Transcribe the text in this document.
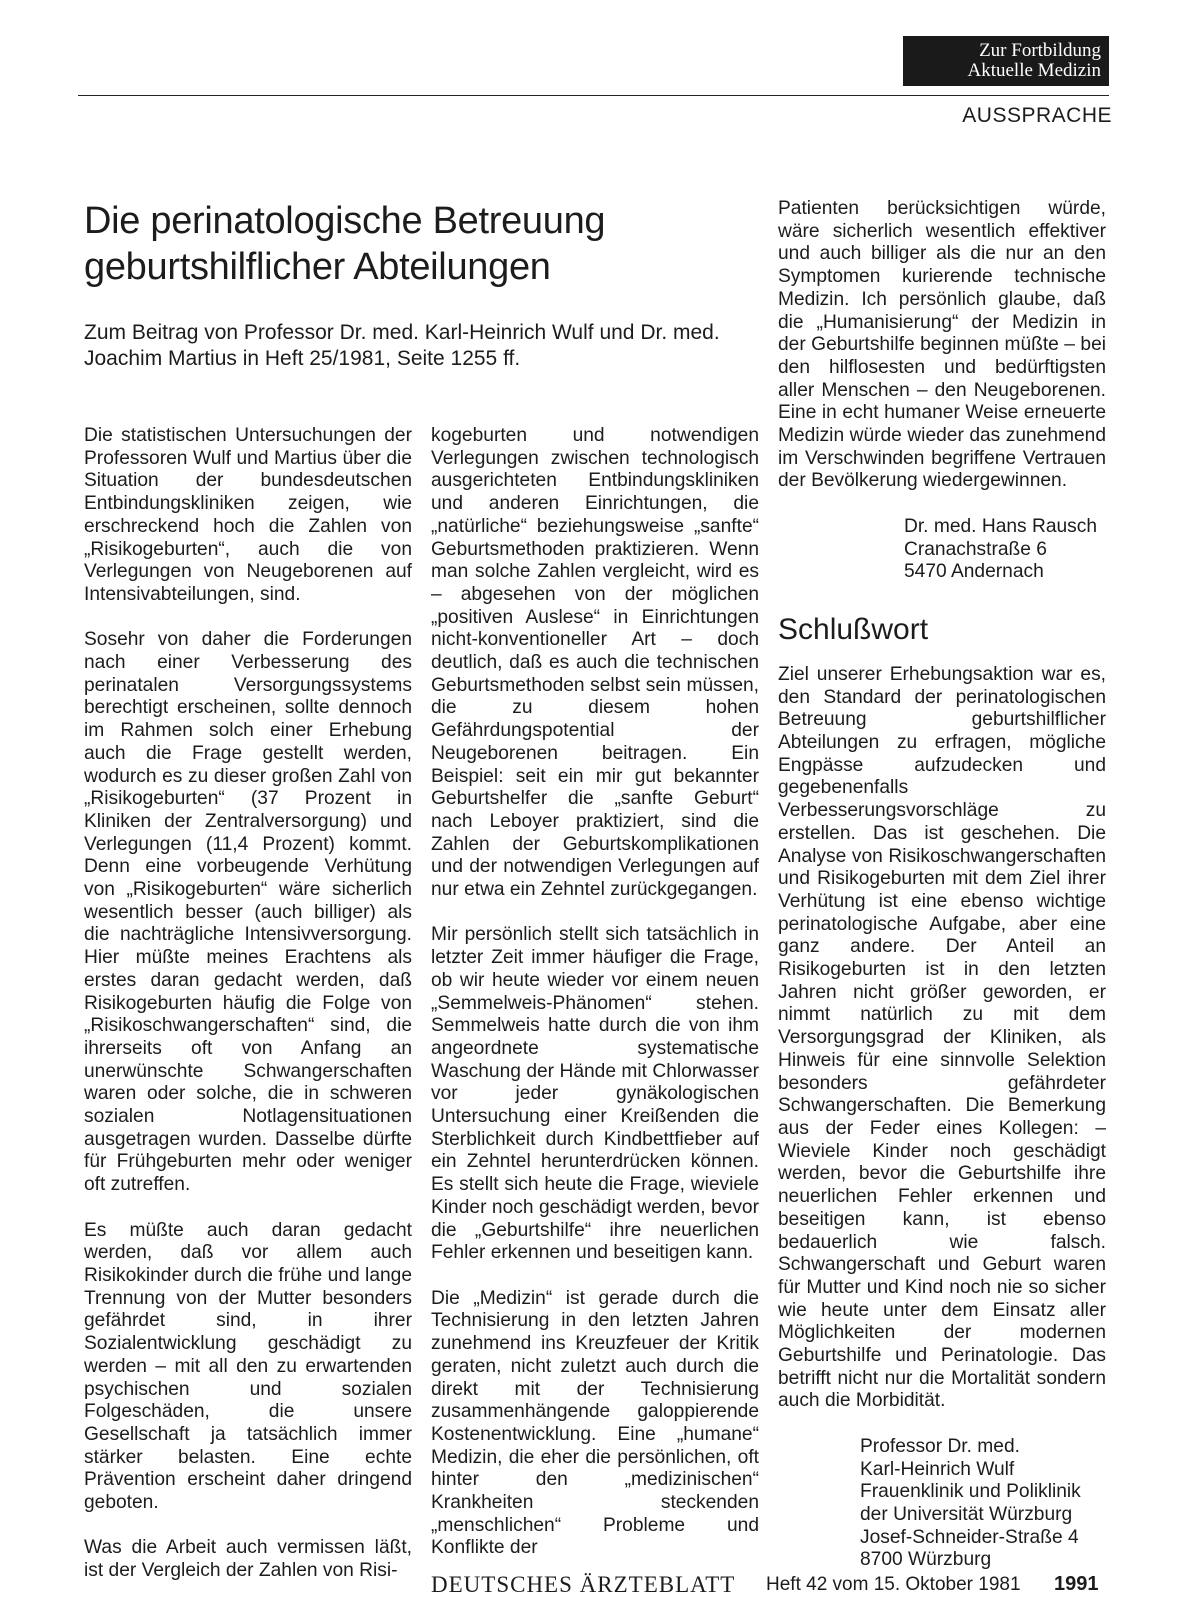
Zur Fortbildung
Aktuelle Medizin
AUSSPRACHE
Die perinatologische Betreuung geburtshilflicher Abteilungen

Zum Beitrag von Professor Dr. med. Karl-Heinrich Wulf und Dr. med. Joachim Martius in Heft 25/1981, Seite 1255 ff.

Die statistischen Untersuchungen der Professoren Wulf und Martius über die Situation der bundesdeutschen Entbindungskliniken zeigen, wie erschreckend hoch die Zahlen von „Risikogeburten“, auch die von Verlegungen von Neugeborenen auf Intensivabteilungen, sind.

Sosehr von daher die Forderungen nach einer Verbesserung des perinatalen Versorgungssystems berechtigt erscheinen, sollte dennoch im Rahmen solch einer Erhebung auch die Frage gestellt werden, wodurch es zu dieser großen Zahl von „Risikogeburten“ (37 Prozent in Kliniken der Zentralversorgung) und Verlegungen (11,4 Prozent) kommt. Denn eine vorbeugende Verhütung von „Risikogeburten“ wäre sicherlich wesentlich besser (auch billiger) als die nachträgliche Intensivversorgung. Hier müßte meines Erachtens als erstes daran gedacht werden, daß Risikogeburten häufig die Folge von „Risikoschwangerschaften“ sind, die ihrerseits oft von Anfang an unerwünschte Schwangerschaften waren oder solche, die in schweren sozialen Notlagensituationen ausgetragen wurden. Dasselbe dürfte für Frühgeburten mehr oder weniger oft zutreffen.

Es müßte auch daran gedacht werden, daß vor allem auch Risikokinder durch die frühe und lange Trennung von der Mutter besonders gefährdet sind, in ihrer Sozialentwicklung geschädigt zu werden – mit all den zu erwartenden psychischen und sozialen Folgeschäden, die unsere Gesellschaft ja tatsächlich immer stärker belasten. Eine echte Prävention erscheint daher dringend geboten.

Was die Arbeit auch vermissen läßt, ist der Vergleich der Zahlen von Risi-

kogeburten und notwendigen Verlegungen zwischen technologisch ausgerichteten Entbindungskliniken und anderen Einrichtungen, die „natürliche“ beziehungsweise „sanfte“ Geburtsmethoden praktizieren. Wenn man solche Zahlen vergleicht, wird es – abgesehen von der möglichen „positiven Auslese“ in Einrichtungen nicht-konventioneller Art – doch deutlich, daß es auch die technischen Geburtsmethoden selbst sein müssen, die zu diesem hohen Gefährdungspotential der Neugeborenen beitragen. Ein Beispiel: seit ein mir gut bekannter Geburtshelfer die „sanfte Geburt“ nach Leboyer praktiziert, sind die Zahlen der Geburtskomplikationen und der notwendigen Verlegungen auf nur etwa ein Zehntel zurückgegangen.

Mir persönlich stellt sich tatsächlich in letzter Zeit immer häufiger die Frage, ob wir heute wieder vor einem neuen „Semmelweis-Phänomen“ stehen. Semmelweis hatte durch die von ihm angeordnete systematische Waschung der Hände mit Chlorwasser vor jeder gynäkologischen Untersuchung einer Kreißenden die Sterblichkeit durch Kindbettfieber auf ein Zehntel herunterdrücken können. Es stellt sich heute die Frage, wieviele Kinder noch geschädigt werden, bevor die „Geburtshilfe“ ihre neuerlichen Fehler erkennen und beseitigen kann.

Die „Medizin“ ist gerade durch die Technisierung in den letzten Jahren zunehmend ins Kreuzfeuer der Kritik geraten, nicht zuletzt auch durch die direkt mit der Technisierung zusammenhängende galoppierende Kostenentwicklung. Eine „humane“ Medizin, die eher die persönlichen, oft hinter den „medizinischen“ Krankheiten steckenden „menschlichen“ Probleme und Konflikte der

Patienten berücksichtigen würde, wäre sicherlich wesentlich effektiver und auch billiger als die nur an den Symptomen kurierende technische Medizin. Ich persönlich glaube, daß die „Humanisierung“ der Medizin in der Geburtshilfe beginnen müßte – bei den hilflosesten und bedürftigsten aller Menschen – den Neugeborenen. Eine in echt humaner Weise erneuerte Medizin würde wieder das zunehmend im Verschwinden begriffene Vertrauen der Bevölkerung wiedergewinnen.

Dr. med. Hans Rausch
Cranachstraße 6
5470 Andernach
Schlußwort

Ziel unserer Erhebungsaktion war es, den Standard der perinatologischen Betreuung geburtshilflicher Abteilungen zu erfragen, mögliche Engpässe aufzudecken und gegebenenfalls Verbesserungsvorschläge zu erstellen. Das ist geschehen. Die Analyse von Risikoschwangerschaften und Risikogeburten mit dem Ziel ihrer Verhütung ist eine ebenso wichtige perinatologische Aufgabe, aber eine ganz andere. Der Anteil an Risikogeburten ist in den letzten Jahren nicht größer geworden, er nimmt natürlich zu mit dem Versorgungsgrad der Kliniken, als Hinweis für eine sinnvolle Selektion besonders gefährdeter Schwangerschaften. Die Bemerkung aus der Feder eines Kollegen: – Wieviele Kinder noch geschädigt werden, bevor die Geburtshilfe ihre neuerlichen Fehler erkennen und beseitigen kann, ist ebenso bedauerlich wie falsch. Schwangerschaft und Geburt waren für Mutter und Kind noch nie so sicher wie heute unter dem Einsatz aller Möglichkeiten der modernen Geburtshilfe und Perinatologie. Das betrifft nicht nur die Mortalität sondern auch die Morbidität.

Professor Dr. med.
Karl-Heinrich Wulf
Frauenklinik und Poliklinik
der Universität Würzburg
Josef-Schneider-Straße 4
8700 Würzburg
DEUTSCHES ÄRZTEBLATT Heft 42 vom 15. Oktober 1981 1991
